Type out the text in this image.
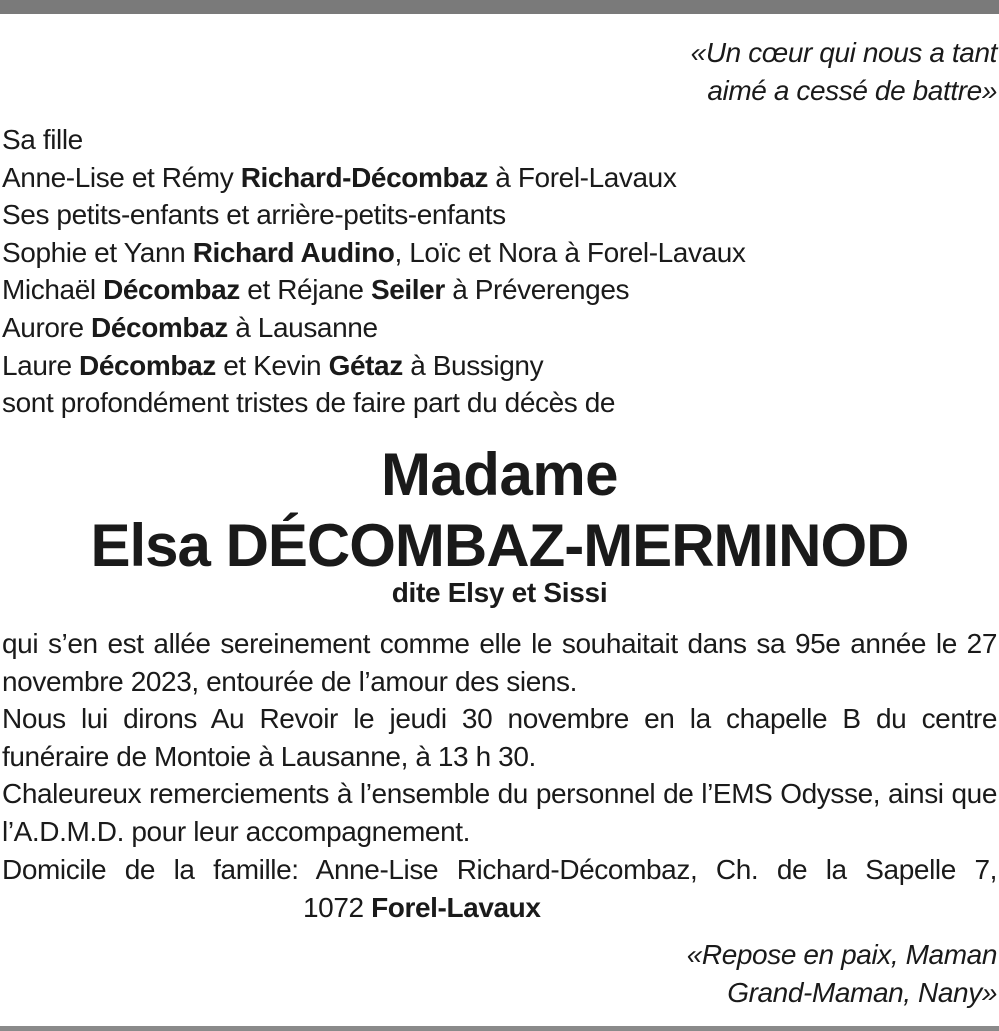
«Un cœur qui nous a tant
aimé a cessé de battre»
Sa fille
Anne-Lise et Rémy Richard-Décombaz à Forel-Lavaux
Ses petits-enfants et arrière-petits-enfants
Sophie et Yann Richard Audino, Loïc et Nora à Forel-Lavaux
Michaël Décombaz et Réjane Seiler à Préverenges
Aurore Décombaz à Lausanne
Laure Décombaz et Kevin Gétaz à Bussigny
sont profondément tristes de faire part du décès de
Madame
Elsa DÉCOMBAZ-MERMINOD
dite Elsy et Sissi

qui s’en est allée sereinement comme elle le souhaitait dans sa 95e année le 27 novembre 2023, entourée de l’amour des siens.

Nous lui dirons Au Revoir le jeudi 30 novembre en la chapelle B du centre funéraire de Montoie à Lausanne, à 13 h 30.

Chaleureux remerciements à l’ensemble du personnel de l’EMS Odysse, ainsi que l’A.D.M.D. pour leur accompagnement.

Domicile de la famille: Anne-Lise Richard-Décombaz, Ch. de la Sapelle 7,

1072 Forel-Lavaux
«Repose en paix, Maman
Grand-Maman, Nany»
